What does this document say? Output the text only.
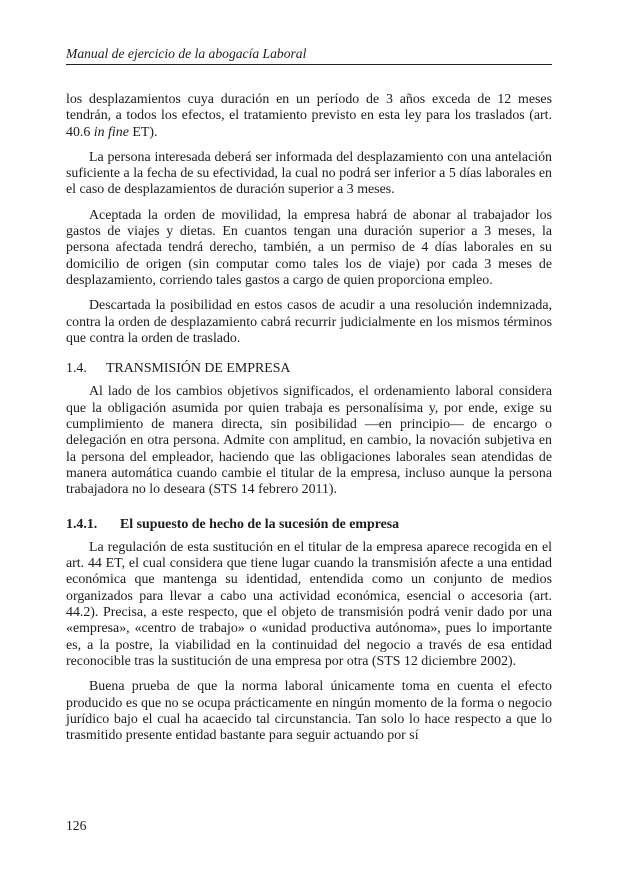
Manual de ejercicio de la abogacía Laboral

los desplazamientos cuya duración en un período de 3 años exceda de 12 meses tendrán, a todos los efectos, el tratamiento previsto en esta ley para los traslados (art. 40.6 in fine ET).

La persona interesada deberá ser informada del desplazamiento con una antelación suficiente a la fecha de su efectividad, la cual no podrá ser inferior a 5 días laborales en el caso de desplazamientos de duración superior a 3 meses.

Aceptada la orden de movilidad, la empresa habrá de abonar al trabajador los gastos de viajes y dietas. En cuantos tengan una duración superior a 3 meses, la persona afectada tendrá derecho, también, a un permiso de 4 días laborales en su domicilio de origen (sin computar como tales los de viaje) por cada 3 meses de desplazamiento, corriendo tales gastos a cargo de quien proporciona empleo.

Descartada la posibilidad en estos casos de acudir a una resolución indemnizada, contra la orden de desplazamiento cabrá recurrir judicialmente en los mismos términos que contra la orden de traslado.

1.4. TRANSMISIÓN DE EMPRESA

Al lado de los cambios objetivos significados, el ordenamiento laboral considera que la obligación asumida por quien trabaja es personalísima y, por ende, exige su cumplimiento de manera directa, sin posibilidad —en principio— de encargo o delegación en otra persona. Admite con amplitud, en cambio, la novación subjetiva en la persona del empleador, haciendo que las obligaciones laborales sean atendidas de manera automática cuando cambie el titular de la empresa, incluso aunque la persona trabajadora no lo deseara (STS 14 febrero 2011).

1.4.1. El supuesto de hecho de la sucesión de empresa

La regulación de esta sustitución en el titular de la empresa aparece recogida en el art. 44 ET, el cual considera que tiene lugar cuando la transmisión afecte a una entidad económica que mantenga su identidad, entendida como un conjunto de medios organizados para llevar a cabo una actividad económica, esencial o accesoria (art. 44.2). Precisa, a este respecto, que el objeto de transmisión podrá venir dado por una «empresa», «centro de trabajo» o «unidad productiva autónoma», pues lo importante es, a la postre, la viabilidad en la continuidad del negocio a través de esa entidad reconocible tras la sustitución de una empresa por otra (STS 12 diciembre 2002).

Buena prueba de que la norma laboral únicamente toma en cuenta el efecto producido es que no se ocupa prácticamente en ningún momento de la forma o negocio jurídico bajo el cual ha acaecido tal circunstancia. Tan solo lo hace respecto a que lo trasmitido presente entidad bastante para seguir actuando por sí

126
